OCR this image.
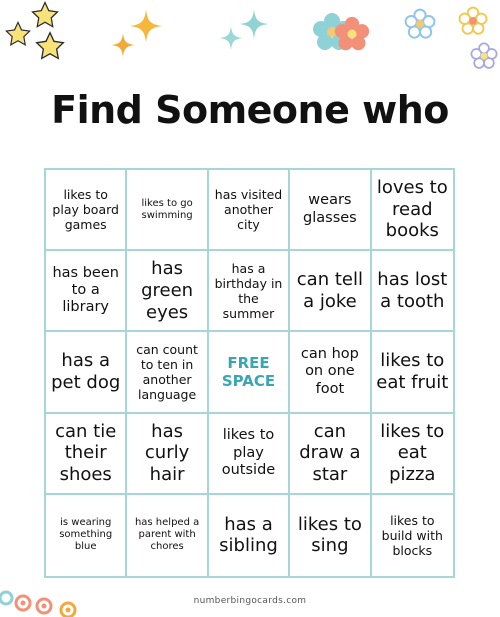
Find Someone who
likes to play board games
likes to go swimming
has visited another city
wears glasses
loves to read books
has been to a library
has green eyes
has a birthday in the summer
can tell a joke
has lost a tooth
has a pet dog
can count to ten in another language
FREE SPACE
can hop on one foot
likes to eat fruit
can tie their shoes
has curly hair
likes to play outside
can draw a star
likes to eat pizza
is wearing something blue
has helped a parent with chores
has a sibling
likes to sing
likes to build with blocks
numberbingocards.com
